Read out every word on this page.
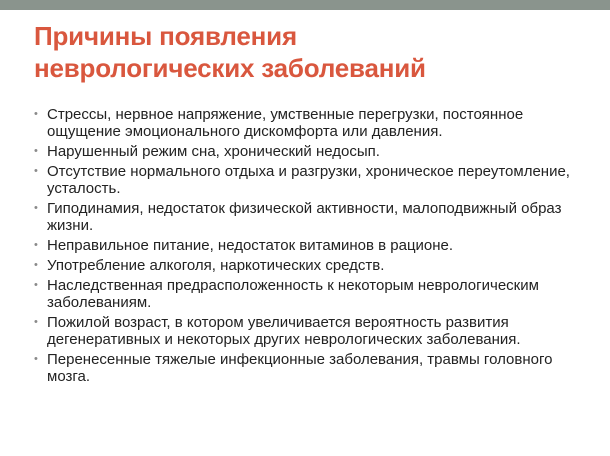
Причины появления
неврологических заболеваний
• Стрессы, нервное напряжение, умственные перегрузки, постоянное ощущение эмоционального дискомфорта или давления.
• Нарушенный режим сна, хронический недосып.
• Отсутствие нормального отдыха и разгрузки, хроническое переутомление, усталость.
• Гиподинамия, недостаток физической активности, малоподвижный образ жизни.
• Неправильное питание, недостаток витаминов в рационе.
• Употребление алкоголя, наркотических средств.
• Наследственная предрасположенность к некоторым неврологическим заболеваниям.
• Пожилой возраст, в котором увеличивается вероятность развития дегенеративных и некоторых других неврологических заболевания.
• Перенесенные тяжелые инфекционные заболевания, травмы головного мозга.
